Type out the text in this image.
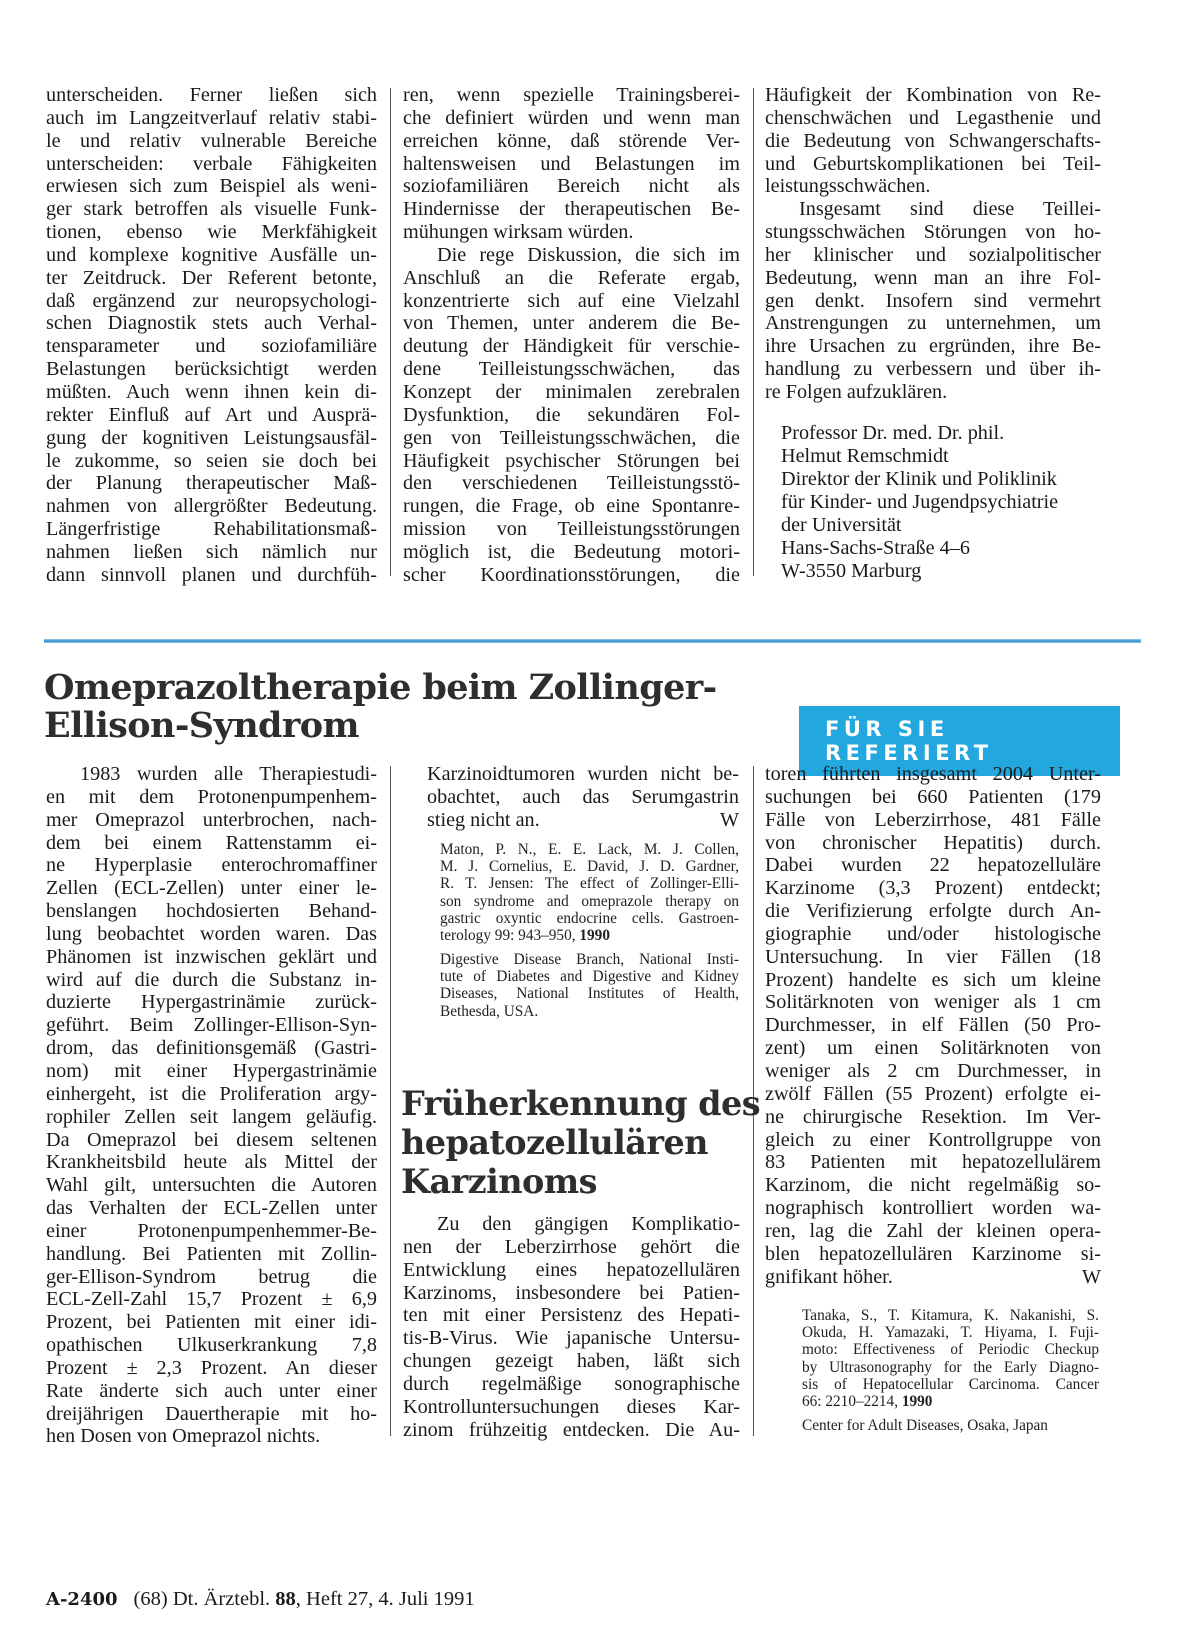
unterscheiden. Ferner ließen sich
auch im Langzeitverlauf relativ stabi-
le und relativ vulnerable Bereiche
unterscheiden: verbale Fähigkeiten
erwiesen sich zum Beispiel als weni-
ger stark betroffen als visuelle Funk-
tionen, ebenso wie Merkfähigkeit
und komplexe kognitive Ausfälle un-
ter Zeitdruck. Der Referent betonte,
daß ergänzend zur neuropsychologi-
schen Diagnostik stets auch Verhal-
tensparameter und soziofamiliäre
Belastungen berücksichtigt werden
müßten. Auch wenn ihnen kein di-
rekter Einfluß auf Art und Ausprä-
gung der kognitiven Leistungsausfäl-
le zukomme, so seien sie doch bei
der Planung therapeutischer Maß-
nahmen von allergrößter Bedeutung.
Längerfristige Rehabilitationsmaß-
nahmen ließen sich nämlich nur
dann sinnvoll planen und durchfüh-
ren, wenn spezielle Trainingsberei-
che definiert würden und wenn man
erreichen könne, daß störende Ver-
haltensweisen und Belastungen im
soziofamiliären Bereich nicht als
Hindernisse der therapeutischen Be-
mühungen wirksam würden.
Die rege Diskussion, die sich im
Anschluß an die Referate ergab,
konzentrierte sich auf eine Vielzahl
von Themen, unter anderem die Be-
deutung der Händigkeit für verschie-
dene Teilleistungsschwächen, das
Konzept der minimalen zerebralen
Dysfunktion, die sekundären Fol-
gen von Teilleistungsschwächen, die
Häufigkeit psychischer Störungen bei
den verschiedenen Teilleistungsstö-
rungen, die Frage, ob eine Spontanre-
mission von Teilleistungsstörungen
möglich ist, die Bedeutung motori-
scher Koordinationsstörungen, die
Häufigkeit der Kombination von Re-
chenschwächen und Legasthenie und
die Bedeutung von Schwangerschafts-
und Geburtskomplikationen bei Teil-
leistungsschwächen.
Insgesamt sind diese Teillei-
stungsschwächen Störungen von ho-
her klinischer und sozialpolitischer
Bedeutung, wenn man an ihre Fol-
gen denkt. Insofern sind vermehrt
Anstrengungen zu unternehmen, um
ihre Ursachen zu ergründen, ihre Be-
handlung zu verbessern und über ih-
re Folgen aufzuklären.
Professor Dr. med. Dr. phil.
Helmut Remschmidt
Direktor der Klinik und Poliklinik
für Kinder- und Jugendpsychiatrie
der Universität
Hans-Sachs-Straße 4–6
W-3550 Marburg
Omeprazoltherapie beim Zollinger-
Ellison-Syndrom	FÜR SIE REFERIERT
1983 wurden alle Therapiestudi-
en mit dem Protonenpumpenhem-
mer Omeprazol unterbrochen, nach-
dem bei einem Rattenstamm ei-
ne Hyperplasie enterochromaffiner
Zellen (ECL-Zellen) unter einer le-
benslangen hochdosierten Behand-
lung beobachtet worden waren. Das
Phänomen ist inzwischen geklärt und
wird auf die durch die Substanz in-
duzierte Hypergastrinämie zurück-
geführt. Beim Zollinger-Ellison-Syn-
drom, das definitionsgemäß (Gastri-
nom) mit einer Hypergastrinämie
einhergeht, ist die Proliferation argy-
rophiler Zellen seit langem geläufig.
Da Omeprazol bei diesem seltenen
Krankheitsbild heute als Mittel der
Wahl gilt, untersuchten die Autoren
das Verhalten der ECL-Zellen unter
einer Protonenpumpenhemmer-Be-
handlung. Bei Patienten mit Zollin-
ger-Ellison-Syndrom betrug die
ECL-Zell-Zahl 15,7 Prozent ± 6,9
Prozent, bei Patienten mit einer idi-
opathischen Ulkuserkrankung 7,8
Prozent ± 2,3 Prozent. An dieser
Rate änderte sich auch unter einer
dreijährigen Dauertherapie mit ho-
hen Dosen von Omeprazol nichts.
Karzinoidtumoren wurden nicht be-
obachtet, auch das Serumgastrin
stieg nicht an.	W
Maton, P. N., E. E. Lack, M. J. Collen,
M. J. Cornelius, E. David, J. D. Gardner,
R. T. Jensen: The effect of Zollinger-Elli-
son syndrome and omeprazole therapy on
gastric oxyntic endocrine cells. Gastroen-
terology 99: 943–950, 1990
Digestive Disease Branch, National Insti-
tute of Diabetes and Digestive and Kidney
Diseases, National Institutes of Health,
Bethesda, USA.
Früherkennung des
hepatozellulären
Karzinoms
Zu den gängigen Komplikatio-
nen der Leberzirrhose gehört die
Entwicklung eines hepatozellulären
Karzinoms, insbesondere bei Patien-
ten mit einer Persistenz des Hepati-
tis-B-Virus. Wie japanische Untersu-
chungen gezeigt haben, läßt sich
durch regelmäßige sonographische
Kontrolluntersuchungen dieses Kar-
zinom frühzeitig entdecken. Die Au-
toren führten insgesamt 2004 Unter-
suchungen bei 660 Patienten (179
Fälle von Leberzirrhose, 481 Fälle
von chronischer Hepatitis) durch.
Dabei wurden 22 hepatozelluläre
Karzinome (3,3 Prozent) entdeckt;
die Verifizierung erfolgte durch An-
giographie und/oder histologische
Untersuchung. In vier Fällen (18
Prozent) handelte es sich um kleine
Solitärknoten von weniger als 1 cm
Durchmesser, in elf Fällen (50 Pro-
zent) um einen Solitärknoten von
weniger als 2 cm Durchmesser, in
zwölf Fällen (55 Prozent) erfolgte ei-
ne chirurgische Resektion. Im Ver-
gleich zu einer Kontrollgruppe von
83 Patienten mit hepatozellulärem
Karzinom, die nicht regelmäßig so-
nographisch kontrolliert worden wa-
ren, lag die Zahl der kleinen opera-
blen hepatozellulären Karzinome si-
gnifikant höher.	W
Tanaka, S., T. Kitamura, K. Nakanishi, S.
Okuda, H. Yamazaki, T. Hiyama, I. Fuji-
moto: Effectiveness of Periodic Checkup
by Ultrasonography for the Early Diagno-
sis of Hepatocellular Carcinoma. Cancer
66: 2210–2214, 1990
Center for Adult Diseases, Osaka, Japan
A-2400 (68) Dt. Ärztebl. 88, Heft 27, 4. Juli 1991
